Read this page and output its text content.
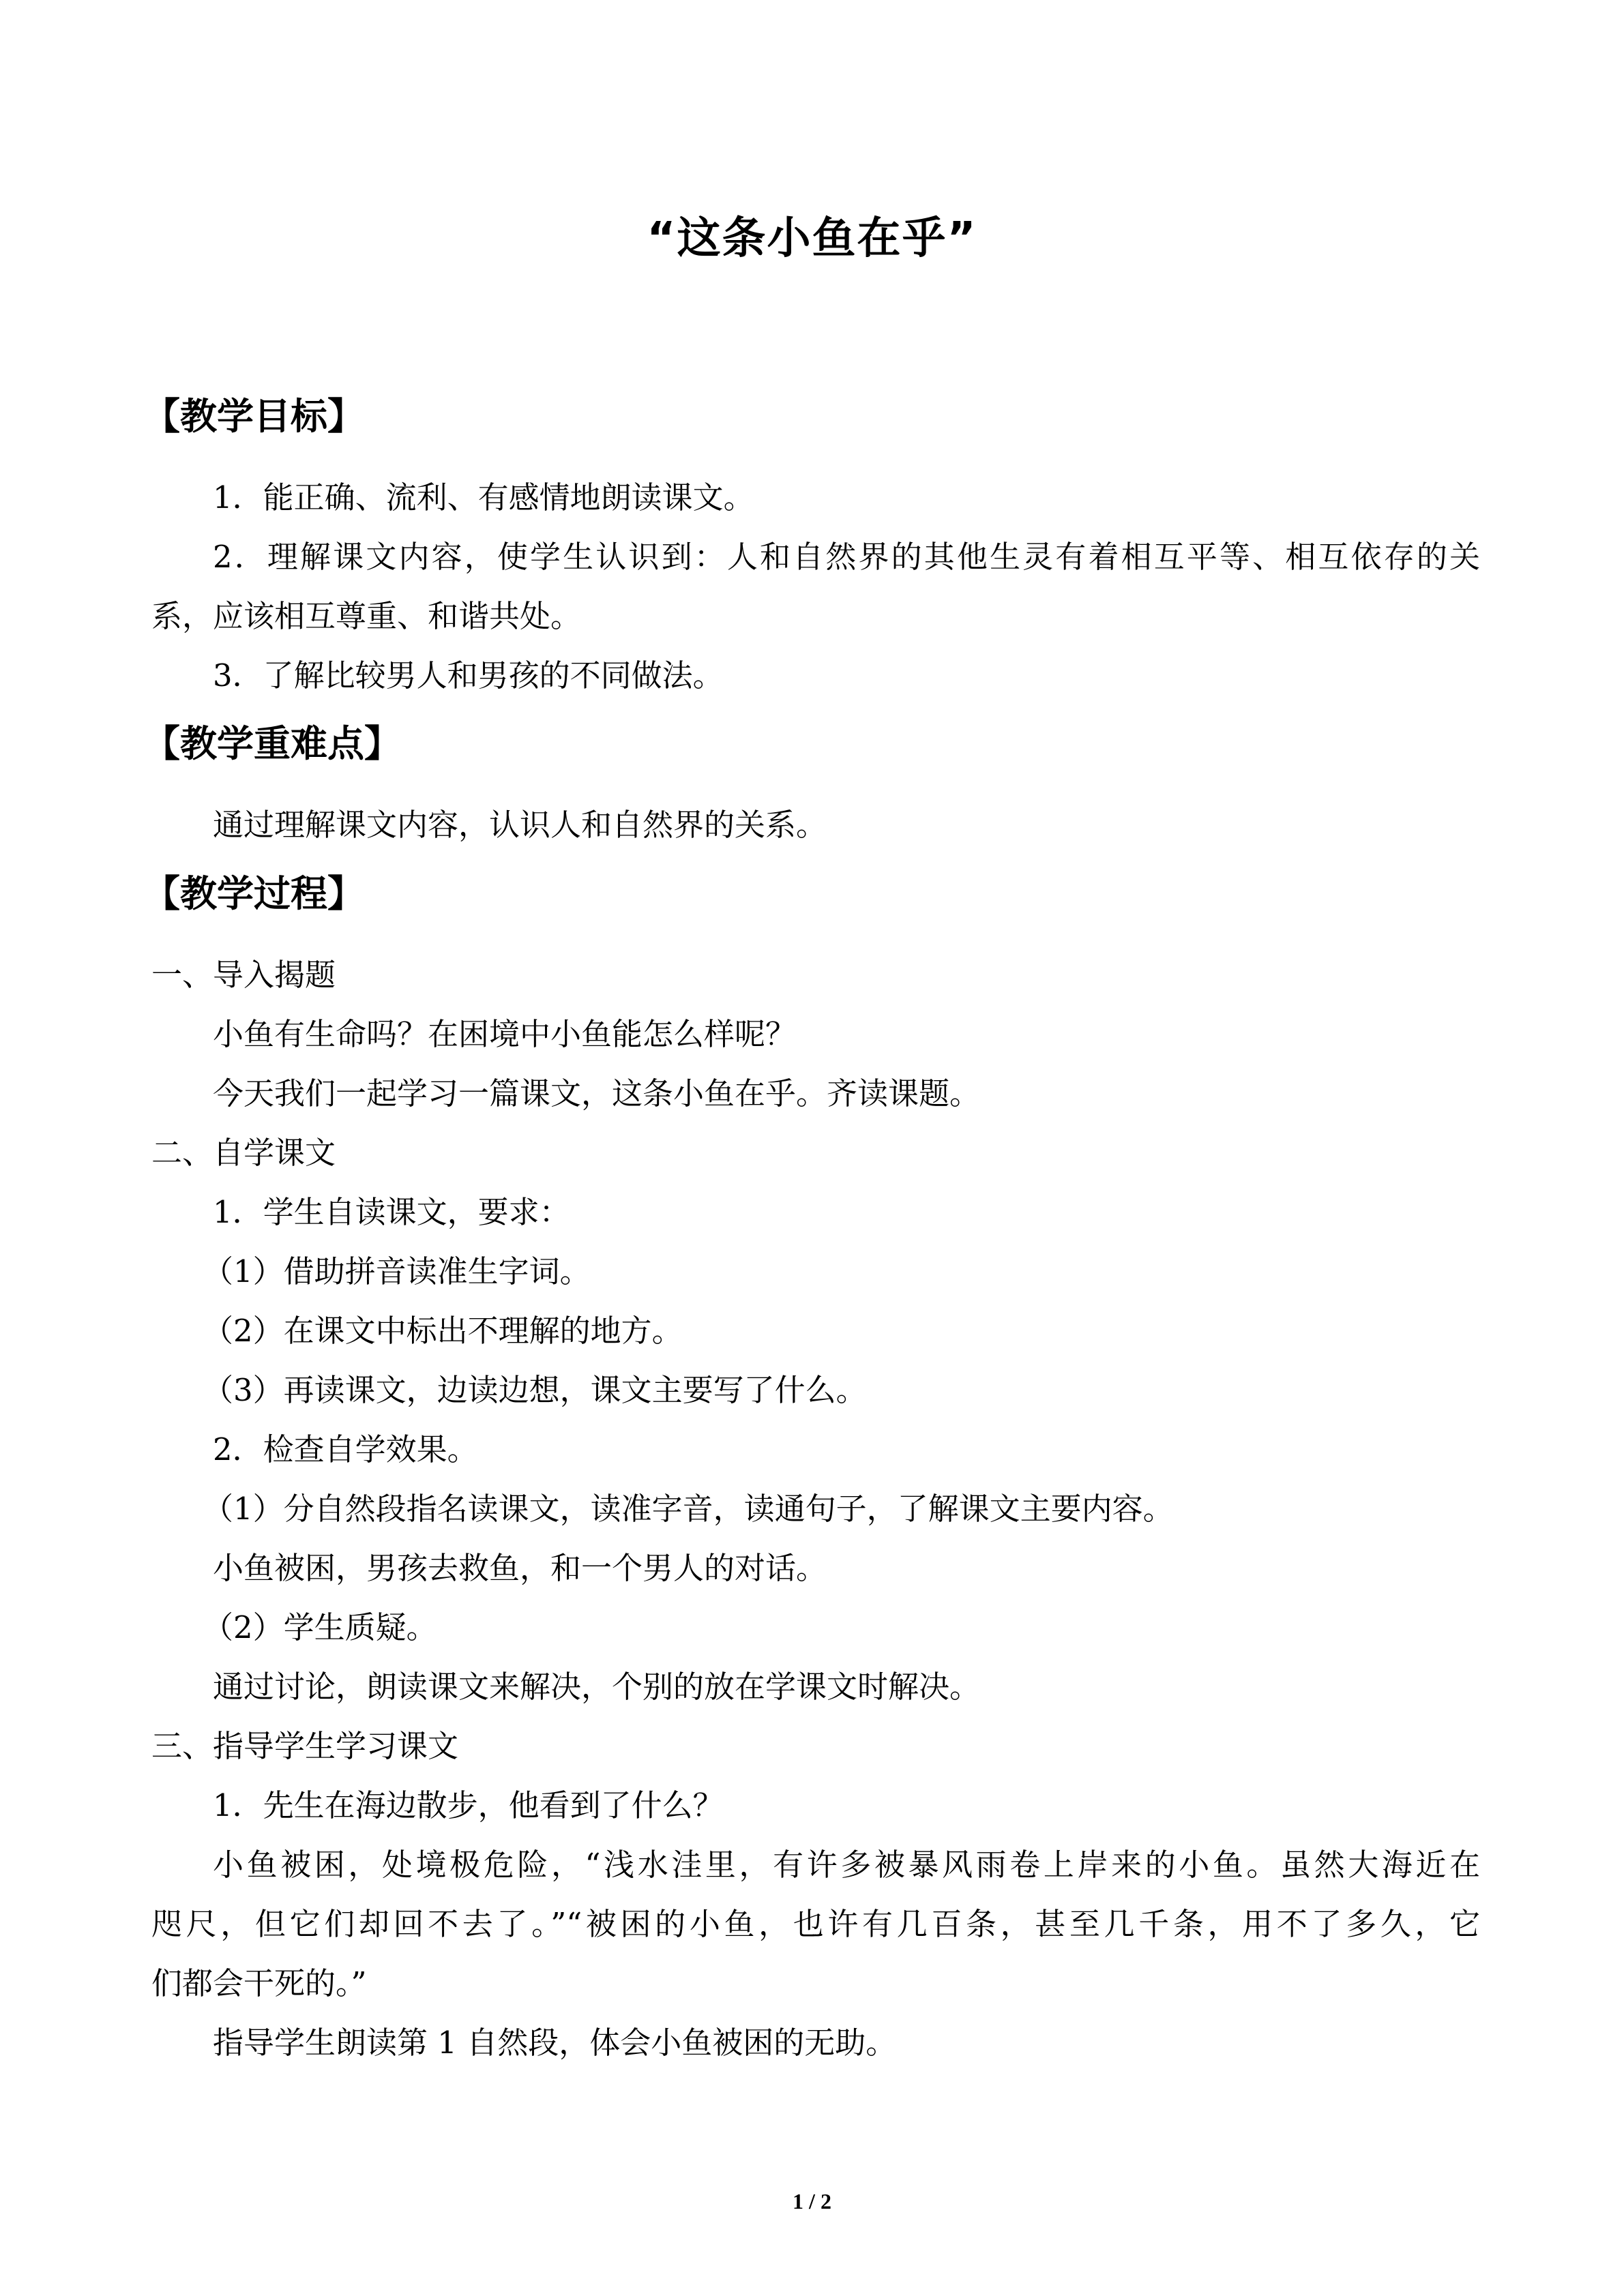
“这条小鱼在乎”
【教学目标】
1．能正确、流利、有感情地朗读课文。
2．理解课文内容，使学生认识到：人和自然界的其他生灵有着相互平等、相互依存的关
系，应该相互尊重、和谐共处。
3．了解比较男人和男孩的不同做法。
【教学重难点】
通过理解课文内容，认识人和自然界的关系。
【教学过程】
一、导入揭题
小鱼有生命吗？在困境中小鱼能怎么样呢？
今天我们一起学习一篇课文，这条小鱼在乎。齐读课题。
二、自学课文
1．学生自读课文，要求：
（1）借助拼音读准生字词。
（2）在课文中标出不理解的地方。
（3）再读课文，边读边想，课文主要写了什么。
2．检查自学效果。
（1）分自然段指名读课文，读准字音，读通句子，了解课文主要内容。
小鱼被困，男孩去救鱼，和一个男人的对话。
（2）学生质疑。
通过讨论，朗读课文来解决，个别的放在学课文时解决。
三、指导学生学习课文
1．先生在海边散步，他看到了什么？
小鱼被困，处境极危险，“浅水洼里，有许多被暴风雨卷上岸来的小鱼。虽然大海近在
咫尺，但它们却回不去了。”“被困的小鱼，也许有几百条，甚至几千条，用不了多久，它
们都会干死的。”
指导学生朗读第 1 自然段，体会小鱼被困的无助。
1 / 2
